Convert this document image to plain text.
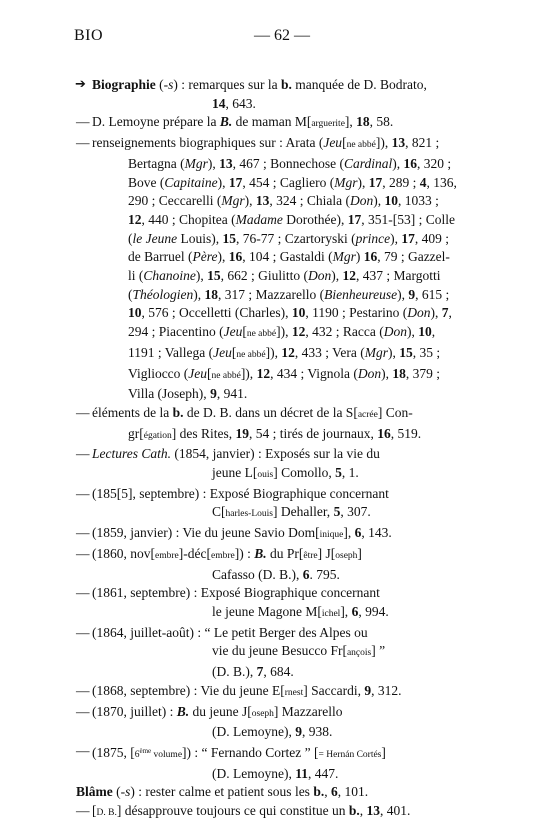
BIO	— 62 —
➔ Biographie (-s) : remarques sur la b. manquée de D. Bodrato,
14, 643.
— D. Lemoyne prépare la B. de maman M[arguerite], 18, 58.
— renseignements biographiques sur : Arata (Jeu[ne abbé]), 13, 821 ;
Bertagna (Mgr), 13, 467 ; Bonnechose (Cardinal), 16, 320 ;
Bove (Capitaine), 17, 454 ; Cagliero (Mgr), 17, 289 ; 4, 136,
290 ; Ceccarelli (Mgr), 13, 324 ; Chiala (Don), 10, 1033 ;
12, 440 ; Chopitea (Madame Dorothée), 17, 351-[53] ; Colle
(le Jeune Louis), 15, 76-77 ; Czartoryski (prince), 17, 409 ;
de Barruel (Père), 16, 104 ; Gastaldi (Mgr) 16, 79 ; Gazzel-
li (Chanoine), 15, 662 ; Giulitto (Don), 12, 437 ; Margotti
(Théologien), 18, 317 ; Mazzarello (Bienheureuse), 9, 615 ;
10, 576 ; Occelletti (Charles), 10, 1190 ; Pestarino (Don), 7,
294 ; Piacentino (Jeu[ne abbé]), 12, 432 ; Racca (Don), 10,
1191 ; Vallega (Jeu[ne abbé]), 12, 433 ; Vera (Mgr), 15, 35 ;
Vigliocco (Jeu[ne abbé]), 12, 434 ; Vignola (Don), 18, 379 ;
Villa (Joseph), 9, 941.
— éléments de la b. de D. B. dans un décret de la S[acrée] Con-
gr[égation] des Rites, 19, 54 ; tirés de journaux, 16, 519.
— Lectures Cath. (1854, janvier) : Exposés sur la vie du
jeune L[ouis] Comollo, 5, 1.
— (185[5], septembre) : Exposé Biographique concernant
C[harles-Louis] Dehaller, 5, 307.
— (1859, janvier) : Vie du jeune Savio Dom[inique], 6, 143.
— (1860, nov[embre]-déc[embre]) : B. du Pr[être] J[oseph]
Cafasso (D. B.), 6. 795.
— (1861, septembre) : Exposé Biographique concernant
le jeune Magone M[ichel], 6, 994.
— (1864, juillet-août) : “ Le petit Berger des Alpes ou
vie du jeune Besucco Fr[ançois] ”
(D. B.), 7, 684.
— (1868, septembre) : Vie du jeune E[rnest] Saccardi, 9, 312.
— (1870, juillet) : B. du jeune J[oseph] Mazzarello
(D. Lemoyne), 9, 938.
— (1875, [6ème volume]) : “ Fernando Cortez ” [= Hernán Cortés]
(D. Lemoyne), 11, 447.
Blâme (-s) : rester calme et patient sous les b., 6, 101.
— [D. B.] désapprouve toujours ce qui constitue un b., 13, 401.
